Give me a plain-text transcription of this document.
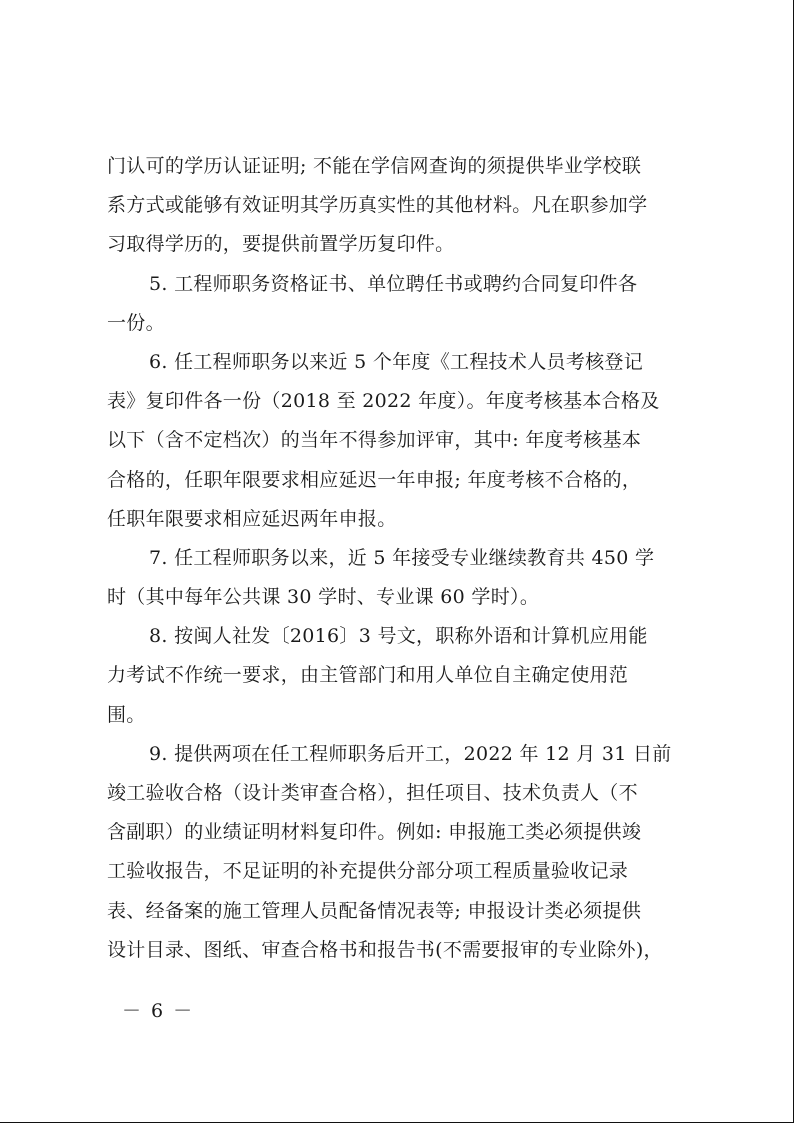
门认可的学历认证证明; 不能在学信网查询的须提供毕业学校联
系方式或能够有效证明其学历真实性的其他材料。凡在职参加学
习取得学历的，要提供前置学历复印件。
5. 工程师职务资格证书、单位聘任书或聘约合同复印件各
一份。
6. 任工程师职务以来近 5 个年度《工程技术人员考核登记
表》复印件各一份（2018 至 2022 年度）。年度考核基本合格及
以下（含不定档次）的当年不得参加评审，其中: 年度考核基本
合格的，任职年限要求相应延迟一年申报; 年度考核不合格的，
任职年限要求相应延迟两年申报。
7. 任工程师职务以来，近 5 年接受专业继续教育共 450 学
时（其中每年公共课 30 学时、专业课 60 学时）。
8. 按闽人社发〔2016〕3 号文，职称外语和计算机应用能
力考试不作统一要求，由主管部门和用人单位自主确定使用范
围。
9. 提供两项在任工程师职务后开工，2022 年 12 月 31 日前
竣工验收合格（设计类审查合格），担任项目、技术负责人（不
含副职）的业绩证明材料复印件。例如: 申报施工类必须提供竣
工验收报告，不足证明的补充提供分部分项工程质量验收记录
表、经备案的施工管理人员配备情况表等; 申报设计类必须提供
设计目录、图纸、审查合格书和报告书(不需要报审的专业除外)，
－ 6 －
